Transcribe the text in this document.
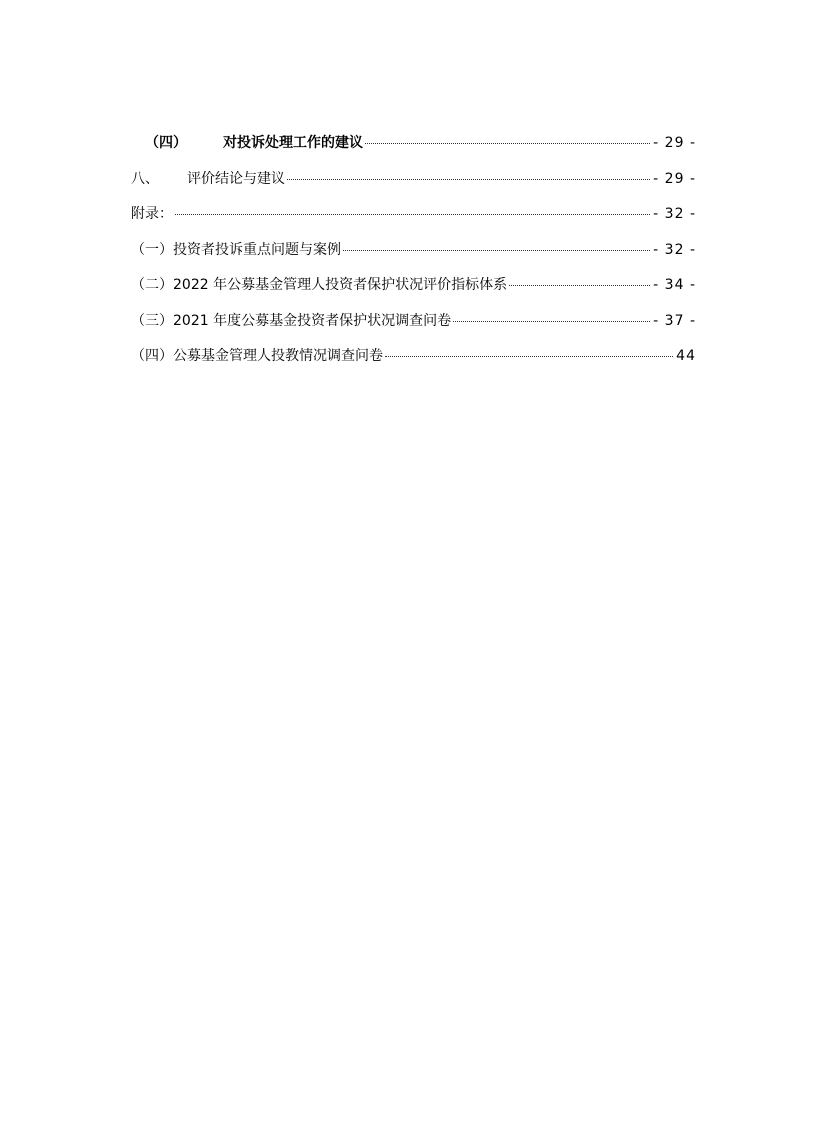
（四）	对投诉处理工作的建议	- 29 -
八、 评价结论与建议	- 29 -
附录：	- 32 -
（一）投资者投诉重点问题与案例	- 32 -
（二）2022 年公募基金管理人投资者保护状况评价指标体系	- 34 -
（三）2021 年度公募基金投资者保护状况调查问卷	- 37 -
（四）公募基金管理人投教情况调查问卷	44
